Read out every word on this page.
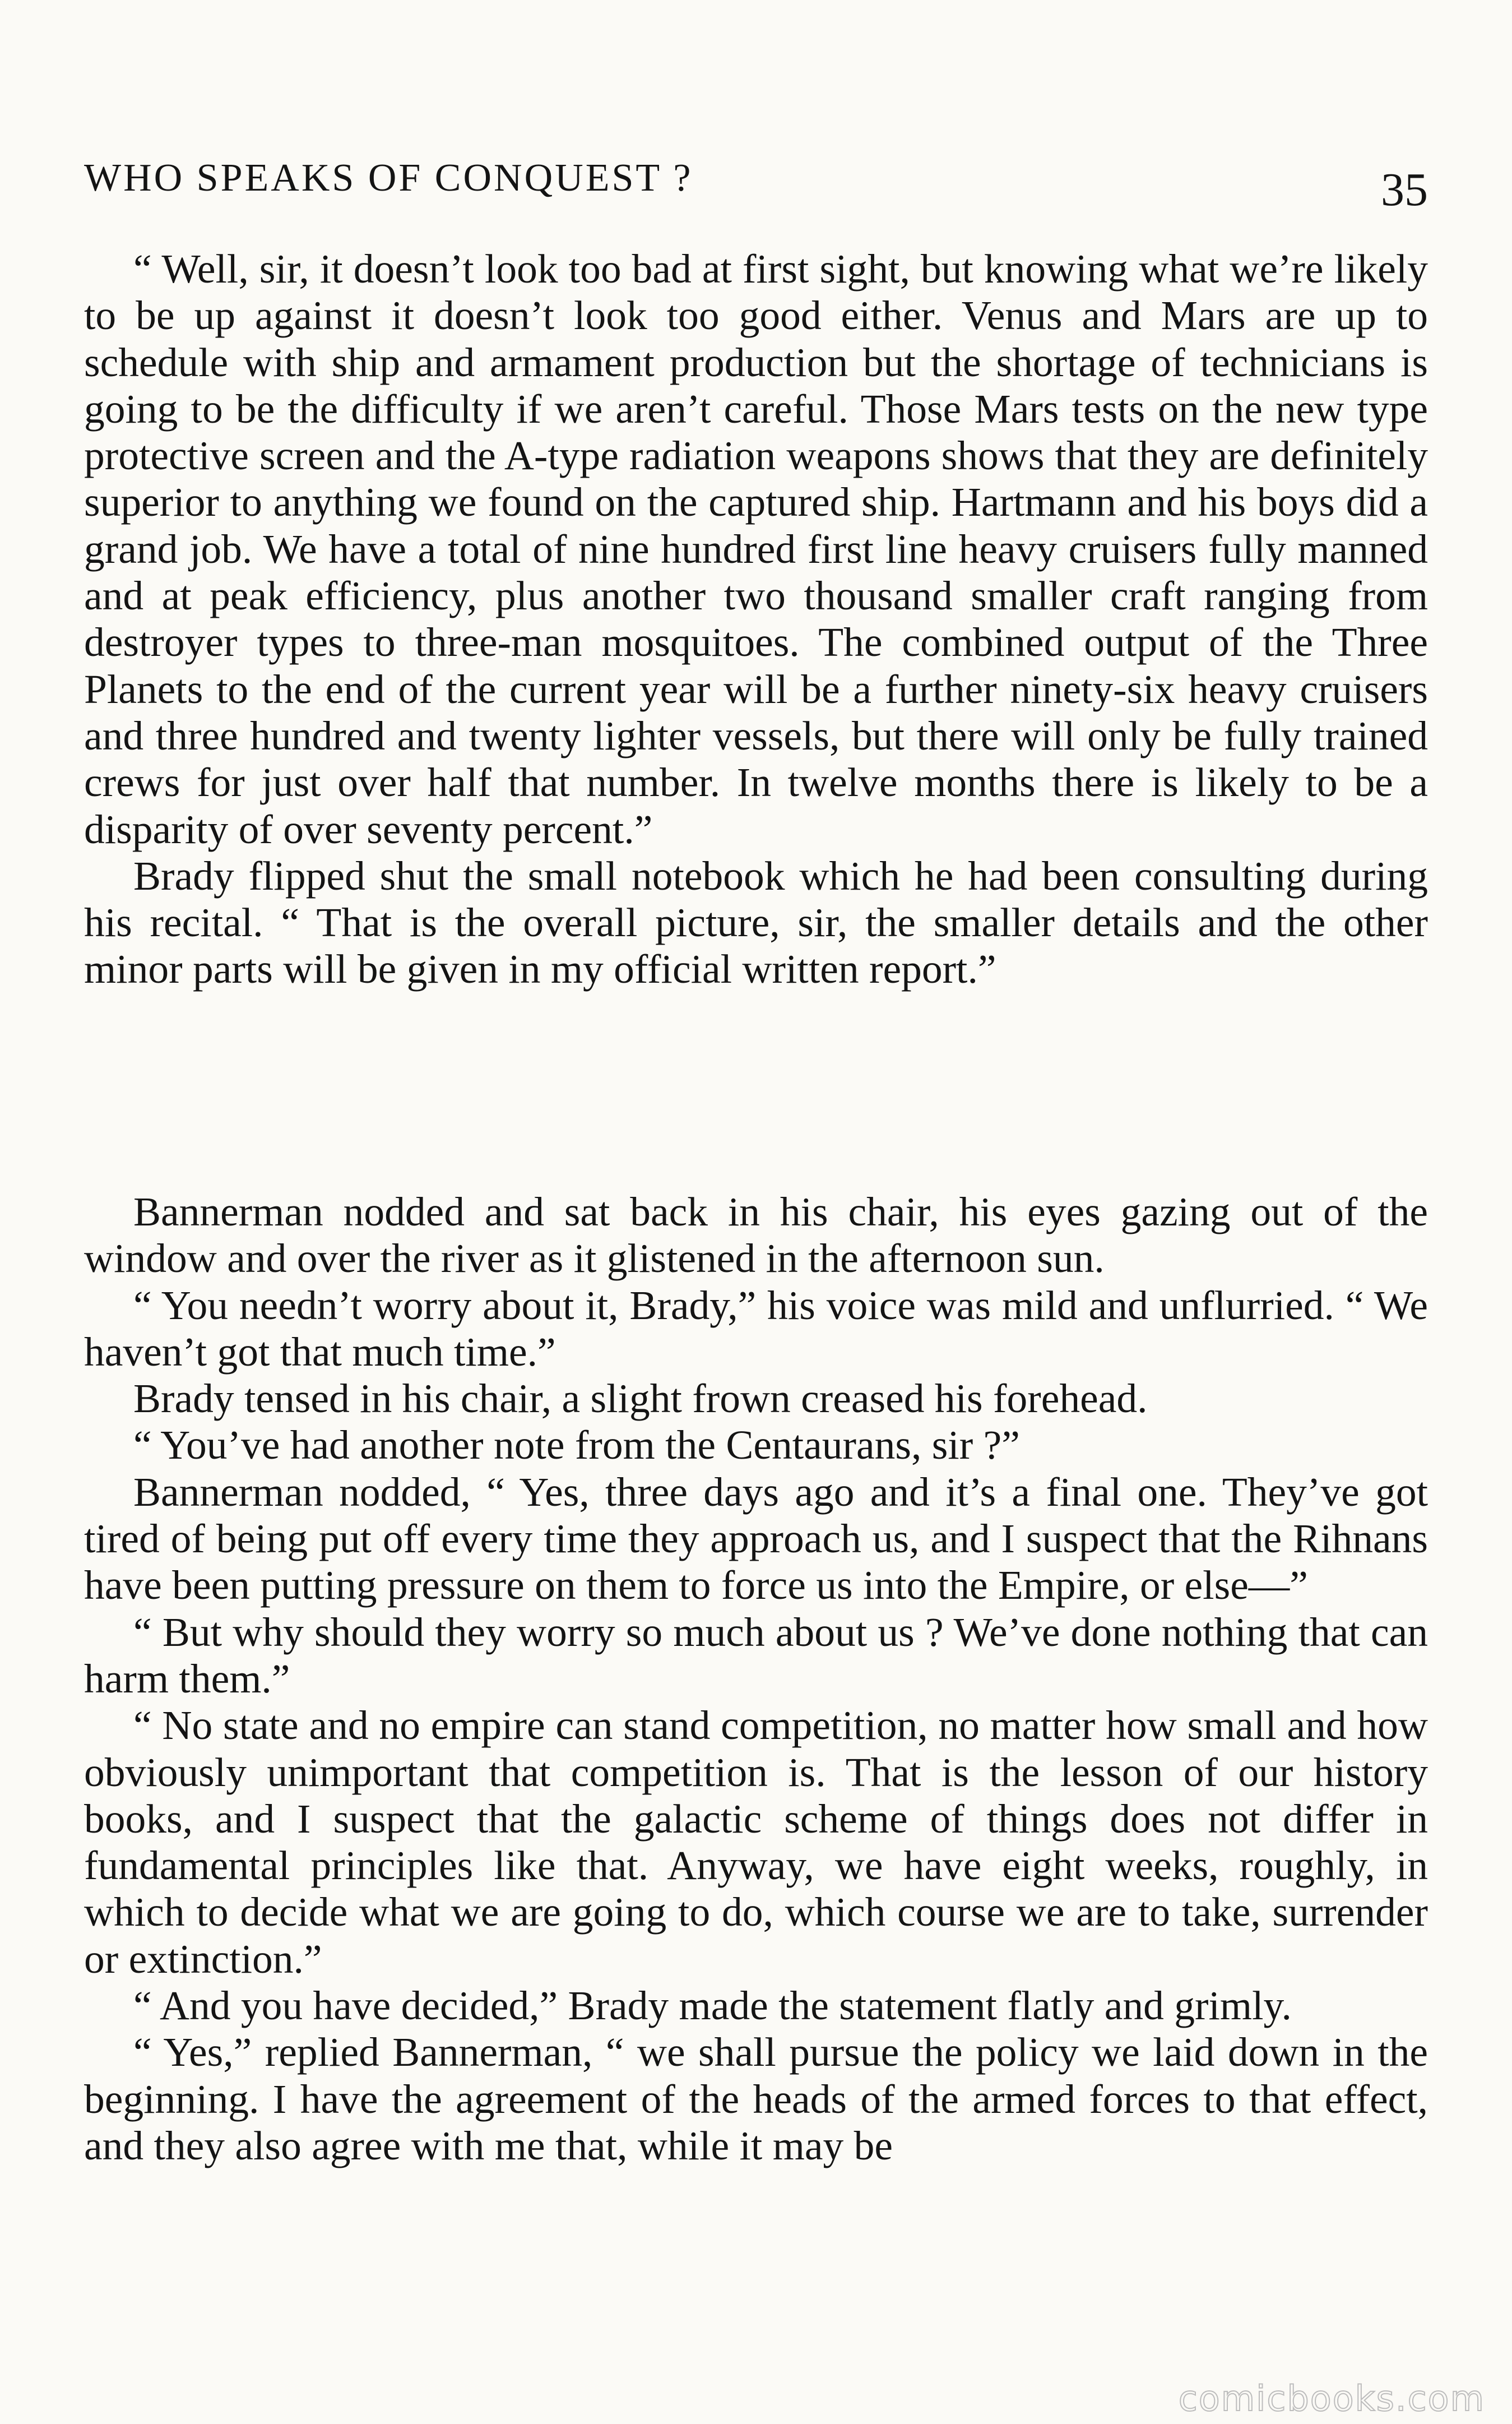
WHO SPEAKS OF CONQUEST ?	35

“ Well, sir, it doesn’t look too bad at first sight, but knowing what we’re likely to be up against it doesn’t look too good either. Venus and Mars are up to schedule with ship and armament production but the shortage of technicians is going to be the difficulty if we aren’t careful. Those Mars tests on the new type protective screen and the A-type radiation weapons shows that they are definitely superior to anything we found on the captured ship. Hartmann and his boys did a grand job. We have a total of nine hundred first line heavy cruisers fully manned and at peak efficiency, plus another two thousand smaller craft ranging from destroyer types to three-man mosquitoes. The combined output of the Three Planets to the end of the current year will be a further ninety-six heavy cruisers and three hundred and twenty lighter vessels, but there will only be fully trained crews for just over half that number. In twelve months there is likely to be a disparity of over seventy percent.”

Brady flipped shut the small notebook which he had been consulting during his recital. “ That is the overall picture, sir, the smaller details and the other minor parts will be given in my official written report.”

Bannerman nodded and sat back in his chair, his eyes gazing out of the window and over the river as it glistened in the afternoon sun.

“ You needn’t worry about it, Brady,” his voice was mild and unflurried. “ We haven’t got that much time.”

Brady tensed in his chair, a slight frown creased his forehead.

“ You’ve had another note from the Centaurans, sir ?”

Bannerman nodded, “ Yes, three days ago and it’s a final one. They’ve got tired of being put off every time they approach us, and I suspect that the Rihnans have been putting pressure on them to force us into the Empire, or else—”

“ But why should they worry so much about us ? We’ve done nothing that can harm them.”

“ No state and no empire can stand competition, no matter how small and how obviously unimportant that competition is. That is the lesson of our history books, and I suspect that the galactic scheme of things does not differ in fundamental principles like that. Anyway, we have eight weeks, roughly, in which to decide what we are going to do, which course we are to take, surrender or extinction.”

“ And you have decided,” Brady made the statement flatly and grimly.

“ Yes,” replied Bannerman, “ we shall pursue the policy we laid down in the beginning. I have the agreement of the heads of the armed forces to that effect, and they also agree with me that, while it may be

comicbooks.com
